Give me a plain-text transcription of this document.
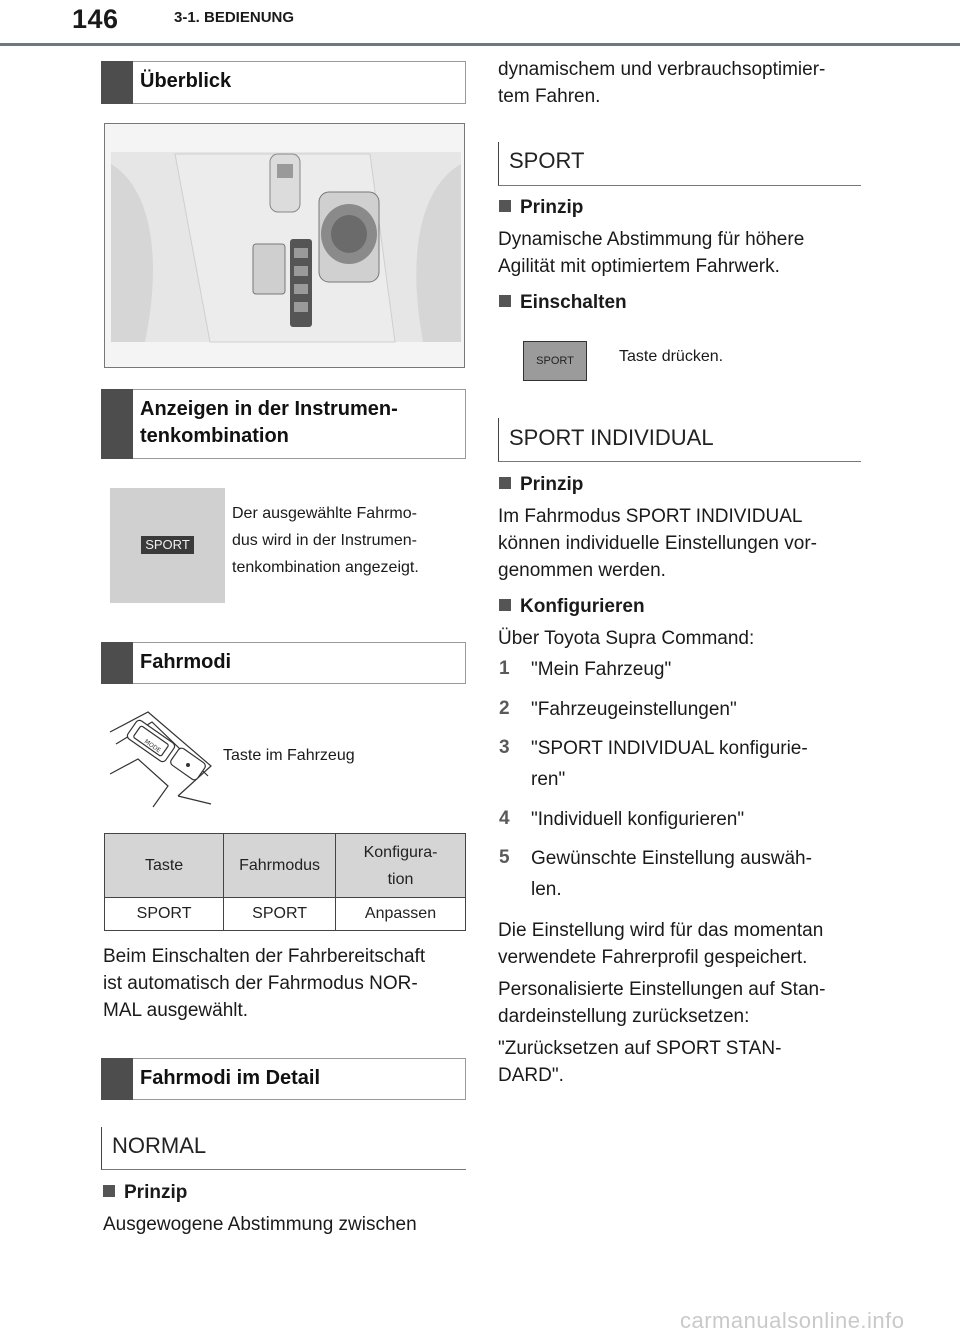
146	3-1. BEDIENUNG
Überblick
Anzeigen in der Instrumen-
tenkombination
SPORT
Der ausgewählte Fahrmo-
dus wird in der Instrumen-
tenkombination angezeigt.
Fahrmodi
MODE
Taste im Fahrzeug
Taste	Fahrmodus	Konfigura-
tion
SPORT	SPORT	Anpassen
Beim Einschalten der Fahrbereitschaft
ist automatisch der Fahrmodus NOR-
MAL ausgewählt.
Fahrmodi im Detail
NORMAL
Prinzip
Ausgewogene Abstimmung zwischen
dynamischem und verbrauchsoptimier-
tem Fahren.
SPORT
Prinzip
Dynamische Abstimmung für höhere
Agilität mit optimiertem Fahrwerk.
Einschalten
SPORT	Taste drücken.
SPORT INDIVIDUAL
Prinzip
Im Fahrmodus SPORT INDIVIDUAL
können individuelle Einstellungen vor-
genommen werden.
Konfigurieren
Über Toyota Supra Command:
1 "Mein Fahrzeug"
2 "Fahrzeugeinstellungen"
3 "SPORT INDIVIDUAL konfigurie-
ren"
4 "Individuell konfigurieren"
5 Gewünschte Einstellung auswäh-
len.
Die Einstellung wird für das momentan
verwendete Fahrerprofil gespeichert.
Personalisierte Einstellungen auf Stan-
dardeinstellung zurücksetzen:
"Zurücksetzen auf SPORT STAN-
DARD".
carmanualsonline.info
